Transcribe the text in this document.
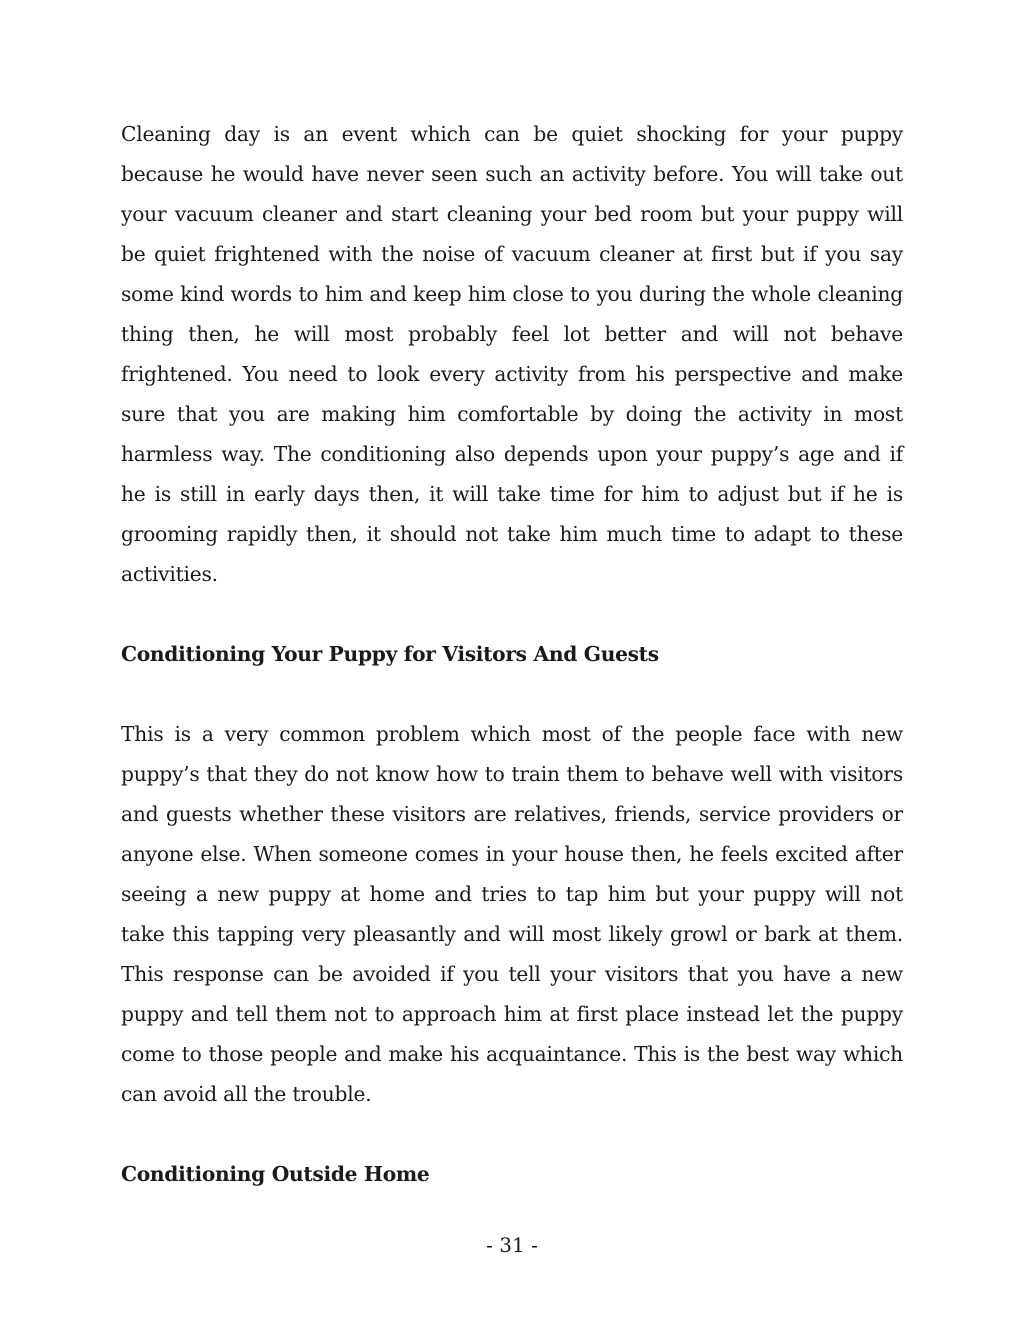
Cleaning day is an event which can be quiet shocking for your puppy because he would have never seen such an activity before. You will take out your vacuum cleaner and start cleaning your bed room but your puppy will be quiet frightened with the noise of vacuum cleaner at first but if you say some kind words to him and keep him close to you during the whole cleaning thing then, he will most probably feel lot better and will not behave frightened. You need to look every activity from his perspective and make sure that you are making him comfortable by doing the activity in most harmless way. The conditioning also depends upon your puppy’s age and if he is still in early days then, it will take time for him to adjust but if he is grooming rapidly then, it should not take him much time to adapt to these activities.

Conditioning Your Puppy for Visitors And Guests

This is a very common problem which most of the people face with new puppy’s that they do not know how to train them to behave well with visitors and guests whether these visitors are relatives, friends, service providers or anyone else. When someone comes in your house then, he feels excited after seeing a new puppy at home and tries to tap him but your puppy will not take this tapping very pleasantly and will most likely growl or bark at them. This response can be avoided if you tell your visitors that you have a new puppy and tell them not to approach him at first place instead let the puppy come to those people and make his acquaintance. This is the best way which can avoid all the trouble.

Conditioning Outside Home
- 31 -
